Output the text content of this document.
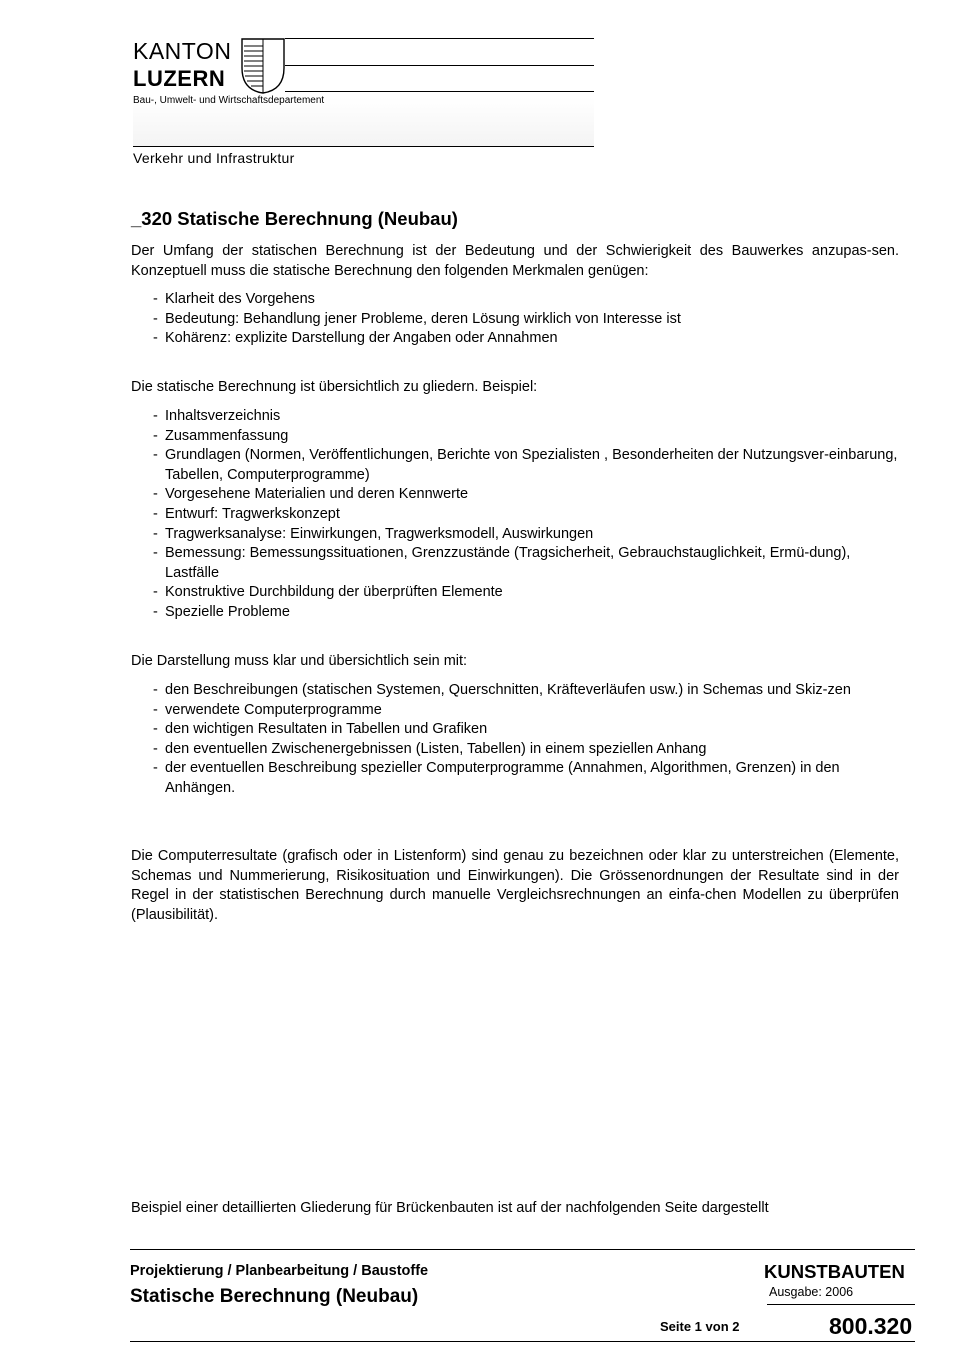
KANTON
LUZERN
Bau-, Umwelt- und Wirtschaftsdepartement
Verkehr und Infrastruktur
_320 Statische Berechnung (Neubau)
Der Umfang der statischen Berechnung ist der Bedeutung und der Schwierigkeit des Bauwerkes anzupas-sen. Konzeptuell muss die statische Berechnung den folgenden Merkmalen genügen:
- Klarheit des Vorgehens
- Bedeutung: Behandlung jener Probleme, deren Lösung wirklich von Interesse ist
- Kohärenz: explizite Darstellung der Angaben oder Annahmen
Die statische Berechnung ist übersichtlich zu gliedern. Beispiel:
- Inhaltsverzeichnis
- Zusammenfassung
- Grundlagen (Normen, Veröffentlichungen, Berichte von Spezialisten , Besonderheiten der Nutzungsver-einbarung, Tabellen, Computerprogramme)
- Vorgesehene Materialien und deren Kennwerte
- Entwurf: Tragwerkskonzept
- Tragwerksanalyse: Einwirkungen, Tragwerksmodell, Auswirkungen
- Bemessung: Bemessungssituationen, Grenzzustände (Tragsicherheit, Gebrauchstauglichkeit, Ermü-dung), Lastfälle
- Konstruktive Durchbildung der überprüften Elemente
- Spezielle Probleme
Die Darstellung muss klar und übersichtlich sein mit:
- den Beschreibungen (statischen Systemen, Querschnitten, Kräfteverläufen usw.) in Schemas und Skiz-zen
- verwendete Computerprogramme
- den wichtigen Resultaten in Tabellen und Grafiken
- den eventuellen Zwischenergebnissen (Listen, Tabellen) in einem speziellen Anhang
- der eventuellen Beschreibung spezieller Computerprogramme (Annahmen, Algorithmen, Grenzen) in den Anhängen.
Die Computerresultate (grafisch oder in Listenform) sind genau zu bezeichnen oder klar zu unterstreichen (Elemente, Schemas und Nummerierung, Risikosituation und Einwirkungen). Die Grössenordnungen der Resultate sind in der Regel in der statistischen Berechnung durch manuelle Vergleichsrechnungen an einfa-chen Modellen zu überprüfen (Plausibilität).
Beispiel einer detaillierten Gliederung für Brückenbauten ist auf der nachfolgenden Seite dargestellt
Projektierung / Planbearbeitung / Baustoffe
Statische Berechnung (Neubau)
Seite 1 von 2
KUNSTBAUTEN
Ausgabe: 2006
800.320
